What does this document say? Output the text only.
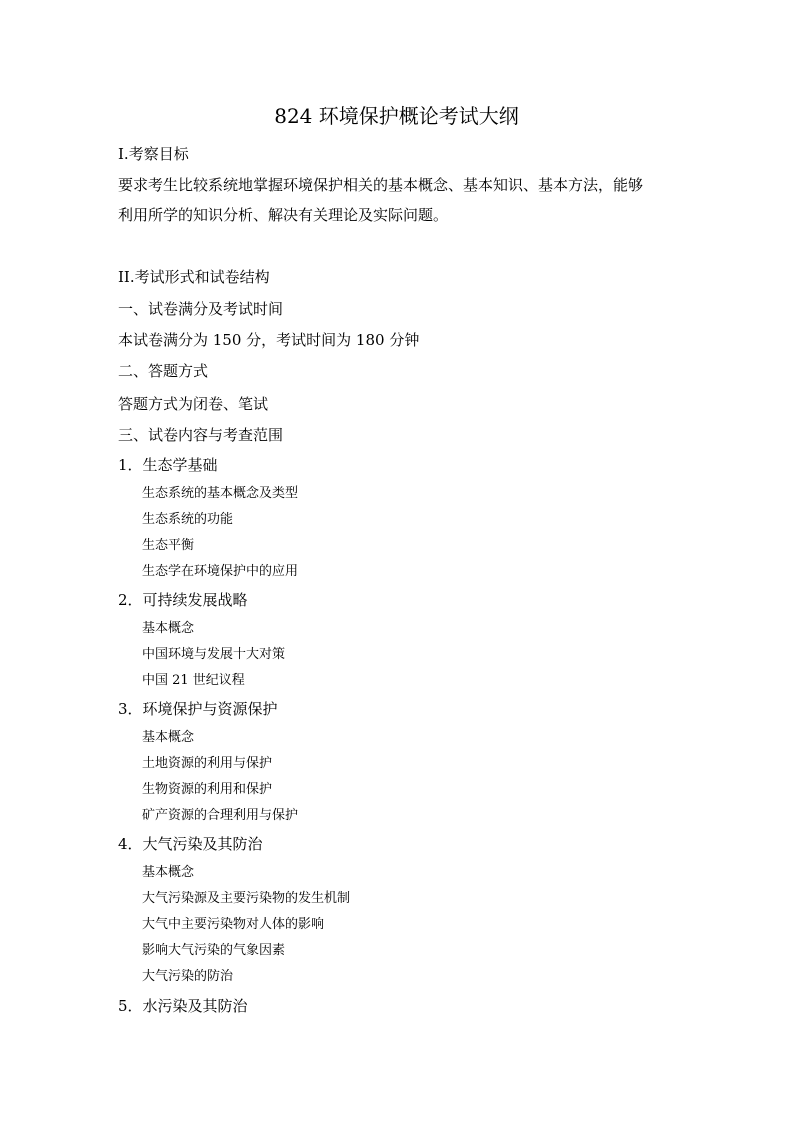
824 环境保护概论考试大纲
I.考察目标
要求考生比较系统地掌握环境保护相关的基本概念、基本知识、基本方法，能够
利用所学的知识分析、解决有关理论及实际问题。
II.考试形式和试卷结构
一、试卷满分及考试时间
本试卷满分为 150 分，考试时间为 180 分钟
二、答题方式
答题方式为闭卷、笔试
三、试卷内容与考查范围
1．生态学基础
生态系统的基本概念及类型
生态系统的功能
生态平衡
生态学在环境保护中的应用
2．可持续发展战略
基本概念
中国环境与发展十大对策
中国 21 世纪议程
3．环境保护与资源保护
基本概念
土地资源的利用与保护
生物资源的利用和保护
矿产资源的合理利用与保护
4．大气污染及其防治
基本概念
大气污染源及主要污染物的发生机制
大气中主要污染物对人体的影响
影响大气污染的气象因素
大气污染的防治
5．水污染及其防治
